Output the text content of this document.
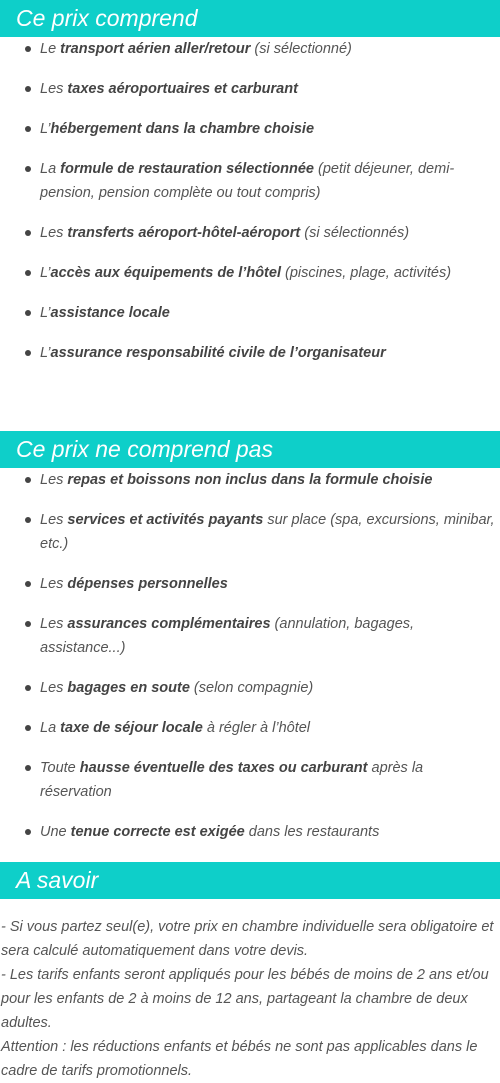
Ce prix comprend
Le transport aérien aller/retour (si sélectionné)
Les taxes aéroportuaires et carburant
L’hébergement dans la chambre choisie
La formule de restauration sélectionnée (petit déjeuner, demi-pension, pension complète ou tout compris)
Les transferts aéroport-hôtel-aéroport (si sélectionnés)
L’accès aux équipements de l’hôtel (piscines, plage, activités)
L’assistance locale
L’assurance responsabilité civile de l’organisateur
Ce prix ne comprend pas
Les repas et boissons non inclus dans la formule choisie
Les services et activités payants sur place (spa, excursions, minibar, etc.)
Les dépenses personnelles
Les assurances complémentaires (annulation, bagages, assistance...)
Les bagages en soute (selon compagnie)
La taxe de séjour locale à régler à l’hôtel
Toute hausse éventuelle des taxes ou carburant après la réservation
Une tenue correcte est exigée dans les restaurants
A savoir

- Si vous partez seul(e), votre prix en chambre individuelle sera obligatoire et sera calculé automatiquement dans votre devis.

- Les tarifs enfants seront appliqués pour les bébés de moins de 2 ans et/ou pour les enfants de 2 à moins de 12 ans, partageant la chambre de deux adultes.

Attention : les réductions enfants et bébés ne sont pas applicables dans le cadre de tarifs promotionnels.
